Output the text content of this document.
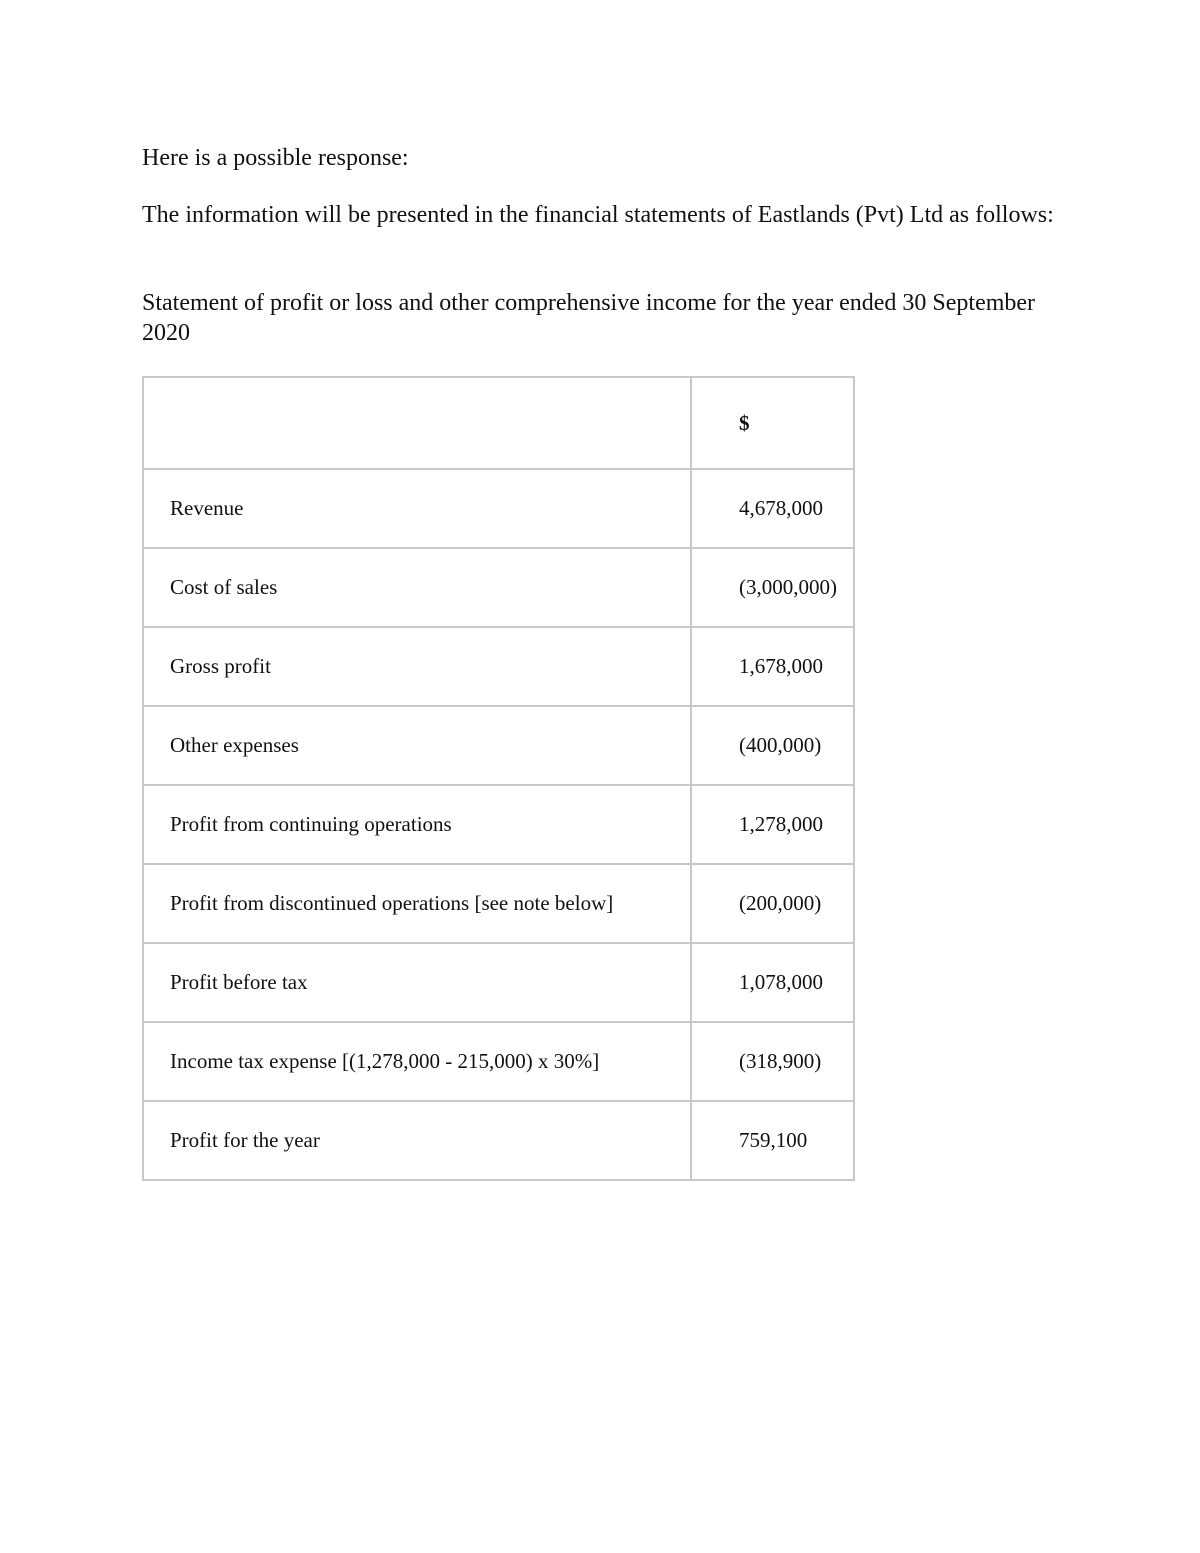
Here is a possible response:

The information will be presented in the financial statements of Eastlands (Pvt) Ltd as follows:

Statement of profit or loss and other comprehensive income for the year ended 30 September 2020

	$
Revenue	4,678,000
Cost of sales	(3,000,000)
Gross profit	1,678,000
Other expenses	(400,000)
Profit from continuing operations	1,278,000
Profit from discontinued operations [see note below]	(200,000)
Profit before tax	1,078,000
Income tax expense [(1,278,000 - 215,000) x 30%]	(318,900)
Profit for the year	759,100
